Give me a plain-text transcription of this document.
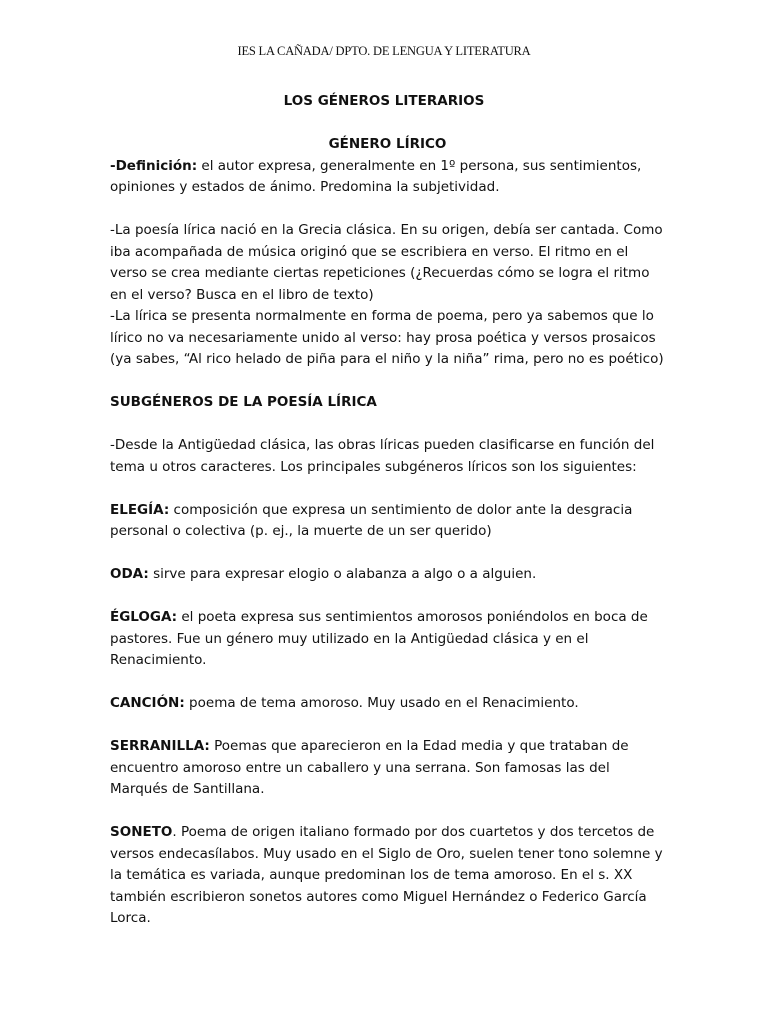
IES LA CAÑADA/ DPTO. DE LENGUA Y LITERATURA
LOS GÉNEROS LITERARIOS

GÉNERO LÍRICO

-Definición: el autor expresa, generalmente en 1º persona, sus sentimientos, opiniones y estados de ánimo. Predomina la subjetividad.

-La poesía lírica nació en la Grecia clásica. En su origen, debía ser cantada. Como iba acompañada de música originó que se escribiera en verso. El ritmo en el verso se crea mediante ciertas repeticiones (¿Recuerdas cómo se logra el ritmo en el verso? Busca en el libro de texto)

-La lírica se presenta normalmente en forma de poema, pero ya sabemos que lo lírico no va necesariamente unido al verso: hay prosa poética y versos prosaicos (ya sabes, “Al rico helado de piña para el niño y la niña” rima, pero no es poético)

SUBGÉNEROS DE LA POESÍA LÍRICA

-Desde la Antigüedad clásica, las obras líricas pueden clasificarse en función del tema u otros caracteres. Los principales subgéneros líricos son los siguientes:

ELEGÍA: composición que expresa un sentimiento de dolor ante la desgracia personal o colectiva (p. ej., la muerte de un ser querido)

ODA: sirve para expresar elogio o alabanza a algo o a alguien.

ÉGLOGA: el poeta expresa sus sentimientos amorosos poniéndolos en boca de pastores. Fue un género muy utilizado en la Antigüedad clásica y en el Renacimiento.

CANCIÓN: poema de tema amoroso. Muy usado en el Renacimiento.

SERRANILLA: Poemas que aparecieron en la Edad media y que trataban de encuentro amoroso entre un caballero y una serrana. Son famosas las del Marqués de Santillana.

SONETO. Poema de origen italiano formado por dos cuartetos y dos tercetos de versos endecasílabos. Muy usado en el Siglo de Oro, suelen tener tono solemne y la temática es variada, aunque predominan los de tema amoroso. En el s. XX también escribieron sonetos autores como Miguel Hernández o Federico García Lorca.
